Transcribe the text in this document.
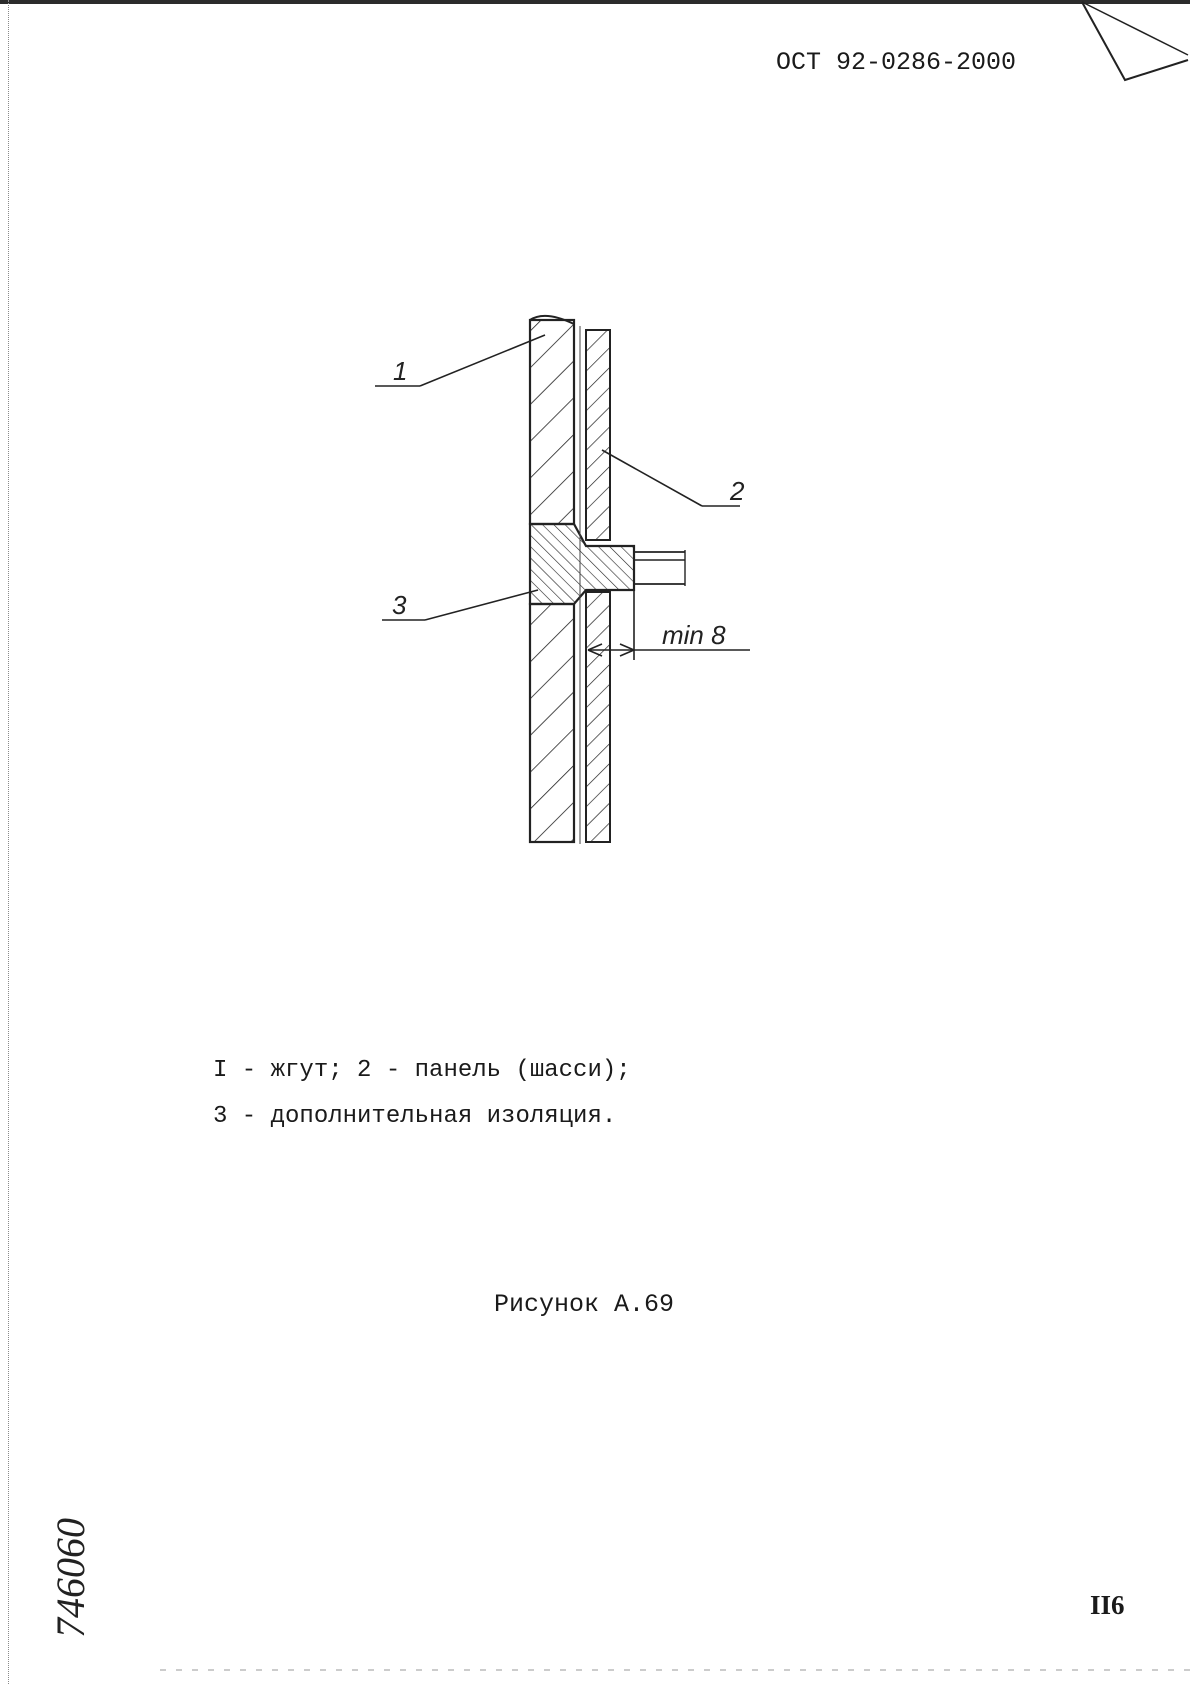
ОСТ 92-0286-2000
1
2
3
min 8
I - жгут; 2 - панель (шасси);
3 - дополнительная изоляция.
Рисунок А.69
746060	II6
